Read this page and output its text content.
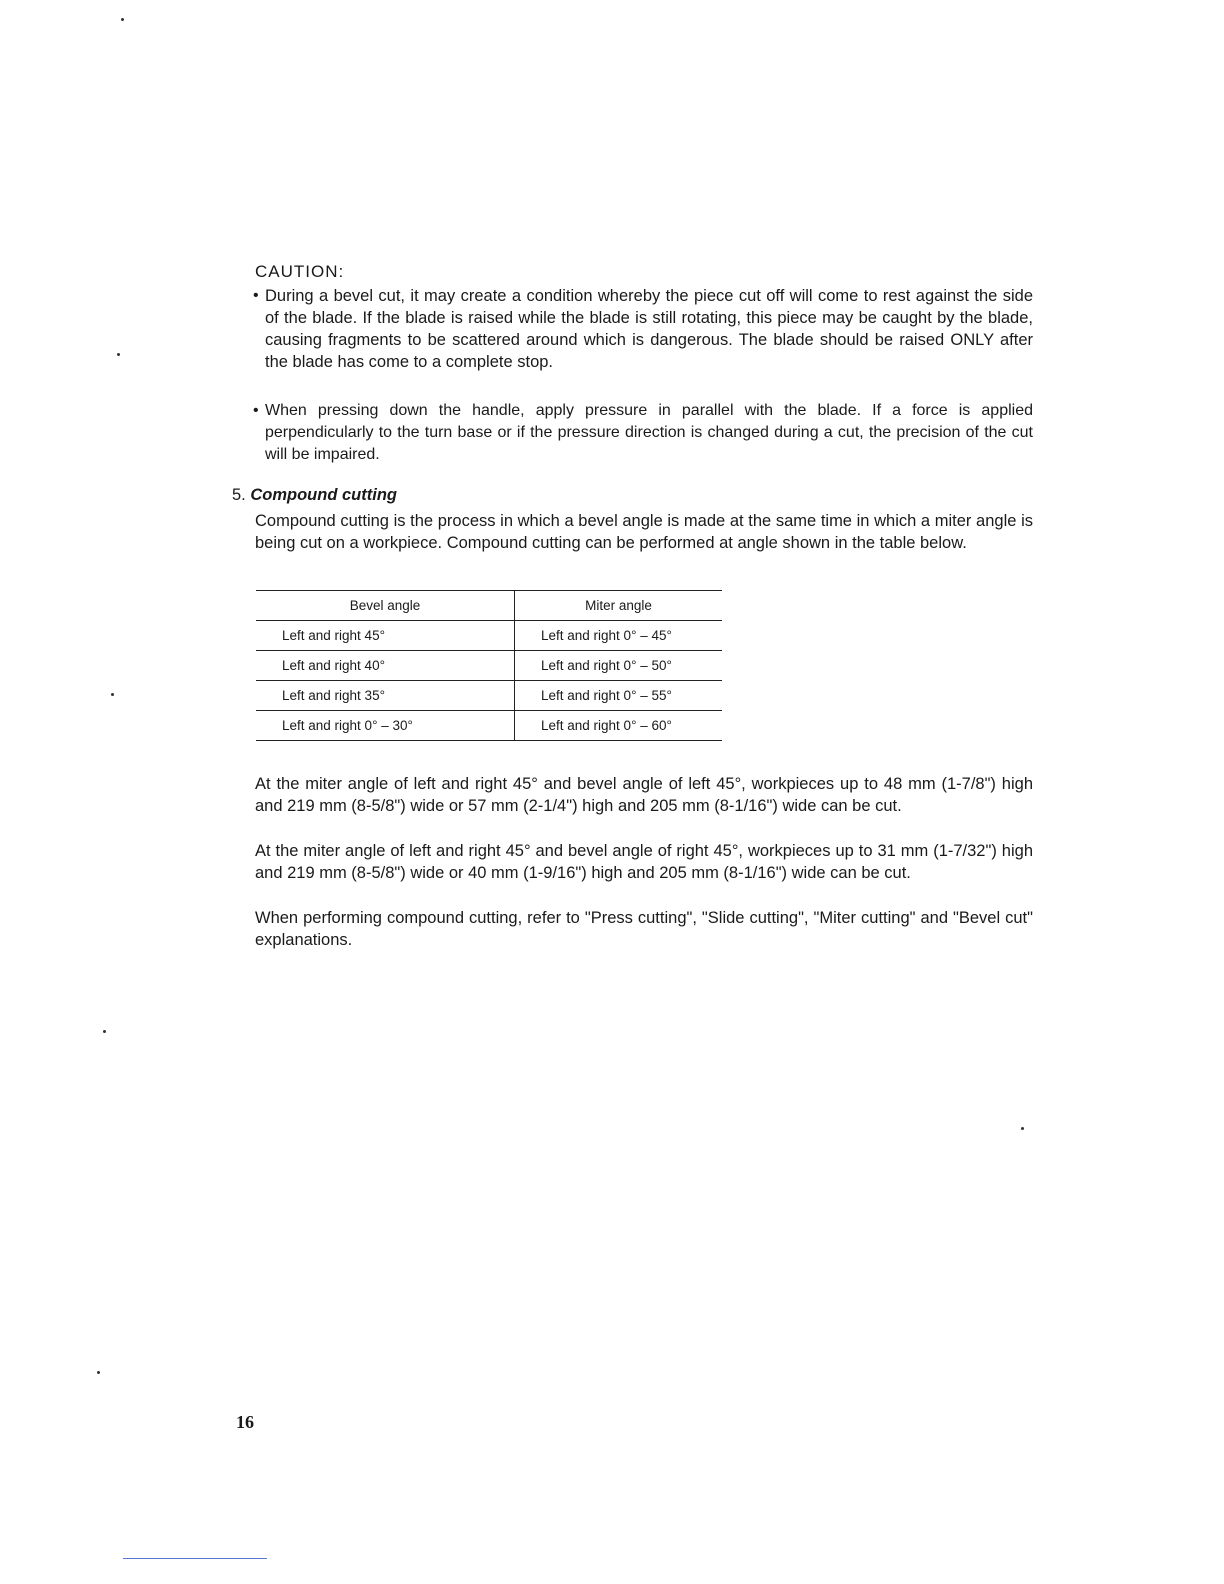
CAUTION:
• During a bevel cut, it may create a condition whereby the piece cut off will come to rest against the side of the blade. If the blade is raised while the blade is still rotating, this piece may be caught by the blade, causing fragments to be scattered around which is dangerous. The blade should be raised ONLY after the blade has come to a complete stop.
• When pressing down the handle, apply pressure in parallel with the blade. If a force is applied perpendicularly to the turn base or if the pressure direction is changed during a cut, the precision of the cut will be impaired.
5. Compound cutting
Compound cutting is the process in which a bevel angle is made at the same time in which a miter angle is being cut on a workpiece. Compound cutting can be performed at angle shown in the table below.
Bevel angle	Miter angle
Left and right 45°	Left and right 0° – 45°
Left and right 40°	Left and right 0° – 50°
Left and right 35°	Left and right 0° – 55°
Left and right 0° – 30°	Left and right 0° – 60°
At the miter angle of left and right 45° and bevel angle of left 45°, workpieces up to 48 mm (1-7/8") high and 219 mm (8-5/8") wide or 57 mm (2-1/4") high and 205 mm (8-1/16") wide can be cut.
At the miter angle of left and right 45° and bevel angle of right 45°, workpieces up to 31 mm (1-7/32") high and 219 mm (8-5/8") wide or 40 mm (1-9/16") high and 205 mm (8-1/16") wide can be cut.
When performing compound cutting, refer to "Press cutting", "Slide cutting", "Miter cutting" and "Bevel cut" explanations.
16
